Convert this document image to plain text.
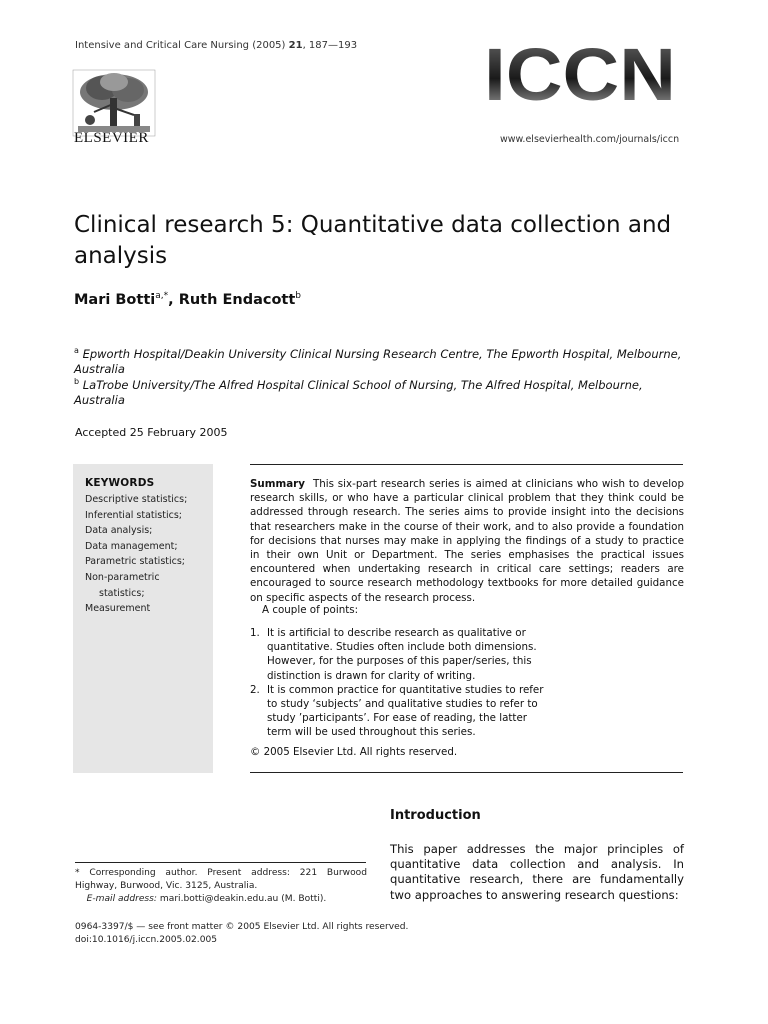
Intensive and Critical Care Nursing (2005) 21, 187—193
ELSEVIER
ICCN
www.elsevierhealth.com/journals/iccn
Clinical research 5: Quantitative data collection and analysis
Mari Botti$^{a,*}$, Ruth Endacott$^b$
$^a$ Epworth Hospital/Deakin University Clinical Nursing Research Centre, The Epworth Hospital, Melbourne, Australia
$^b$ LaTrobe University/The Alfred Hospital Clinical School of Nursing, The Alfred Hospital, Melbourne, Australia
Accepted 25 February 2005
KEYWORDS
Descriptive statistics;
Inferential statistics;
Data analysis;
Data management;
Parametric statistics;
Non-parametric
statistics;
Measurement
Summary This six-part research series is aimed at clinicians who wish to develop research skills, or who have a particular clinical problem that they think could be addressed through research. The series aims to provide insight into the decisions that researchers make in the course of their work, and to also provide a foundation for decisions that nurses may make in applying the findings of a study to practice in their own Unit or Department. The series emphasises the practical issues encountered when undertaking research in critical care settings; readers are encouraged to source research methodology textbooks for more detailed guidance on specific aspects of the research process.
A couple of points:
1. It is artificial to describe research as qualitative or quantitative. Studies often include both dimensions. However, for the purposes of this paper/series, this distinction is drawn for clarity of writing.
2. It is common practice for quantitative studies to refer to study ‘subjects’ and qualitative studies to refer to study ’participants’. For ease of reading, the latter term will be used throughout this series.
© 2005 Elsevier Ltd. All rights reserved.
Introduction
This paper addresses the major principles of quantitative data collection and analysis. In quantitative research, there are fundamentally two approaches to answering research questions:
* Corresponding author. Present address: 221 Burwood Highway, Burwood, Vic. 3125, Australia.
E-mail address: mari.botti@deakin.edu.au (M. Botti).
0964-3397/$ — see front matter © 2005 Elsevier Ltd. All rights reserved.
doi:10.1016/j.iccn.2005.02.005
